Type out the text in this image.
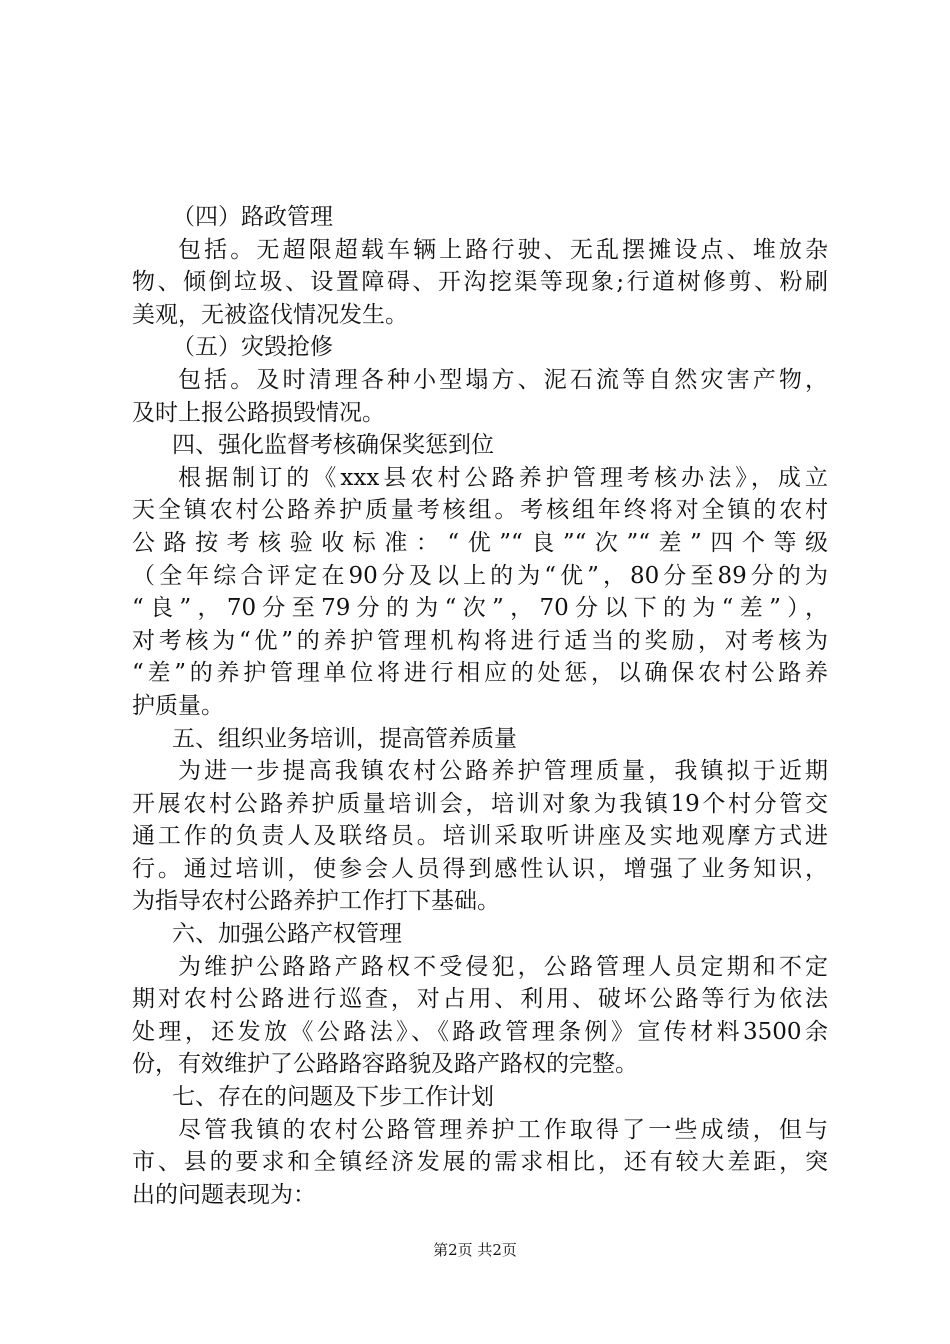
（四）路政管理
包括。无超限超载车辆上路行驶、无乱摆摊设点、堆放杂
物、倾倒垃圾、设置障碍、开沟挖渠等现象;行道树修剪、粉刷
美观，无被盗伐情况发生。
（五）灾毁抢修
包括。及时清理各种小型塌方、泥石流等自然灾害产物，
及时上报公路损毁情况。
四、强化监督考核确保奖惩到位
根据制订的《xxx县农村公路养护管理考核办法》，成立
天全镇农村公路养护质量考核组。考核组年终将对全镇的农村
公路按考核验收标准：“优”“良”“次”“差”四个等级
（全年综合评定在90分及以上的为“优”，80分至89分的为
“良”，70分至79分的为“次”，70分以下的为“差”），
对考核为“优”的养护管理机构将进行适当的奖励，对考核为
“差”的养护管理单位将进行相应的处惩，以确保农村公路养
护质量。
五、组织业务培训，提高管养质量
为进一步提高我镇农村公路养护管理质量，我镇拟于近期
开展农村公路养护质量培训会，培训对象为我镇19个村分管交
通工作的负责人及联络员。培训采取听讲座及实地观摩方式进
行。通过培训，使参会人员得到感性认识，增强了业务知识，
为指导农村公路养护工作打下基础。
六、加强公路产权管理
为维护公路路产路权不受侵犯，公路管理人员定期和不定
期对农村公路进行巡查，对占用、利用、破坏公路等行为依法
处理，还发放《公路法》、《路政管理条例》宣传材料3500余
份，有效维护了公路路容路貌及路产路权的完整。
七、存在的问题及下步工作计划
尽管我镇的农村公路管理养护工作取得了一些成绩，但与
市、县的要求和全镇经济发展的需求相比，还有较大差距，突
出的问题表现为：
第2页 共2页
